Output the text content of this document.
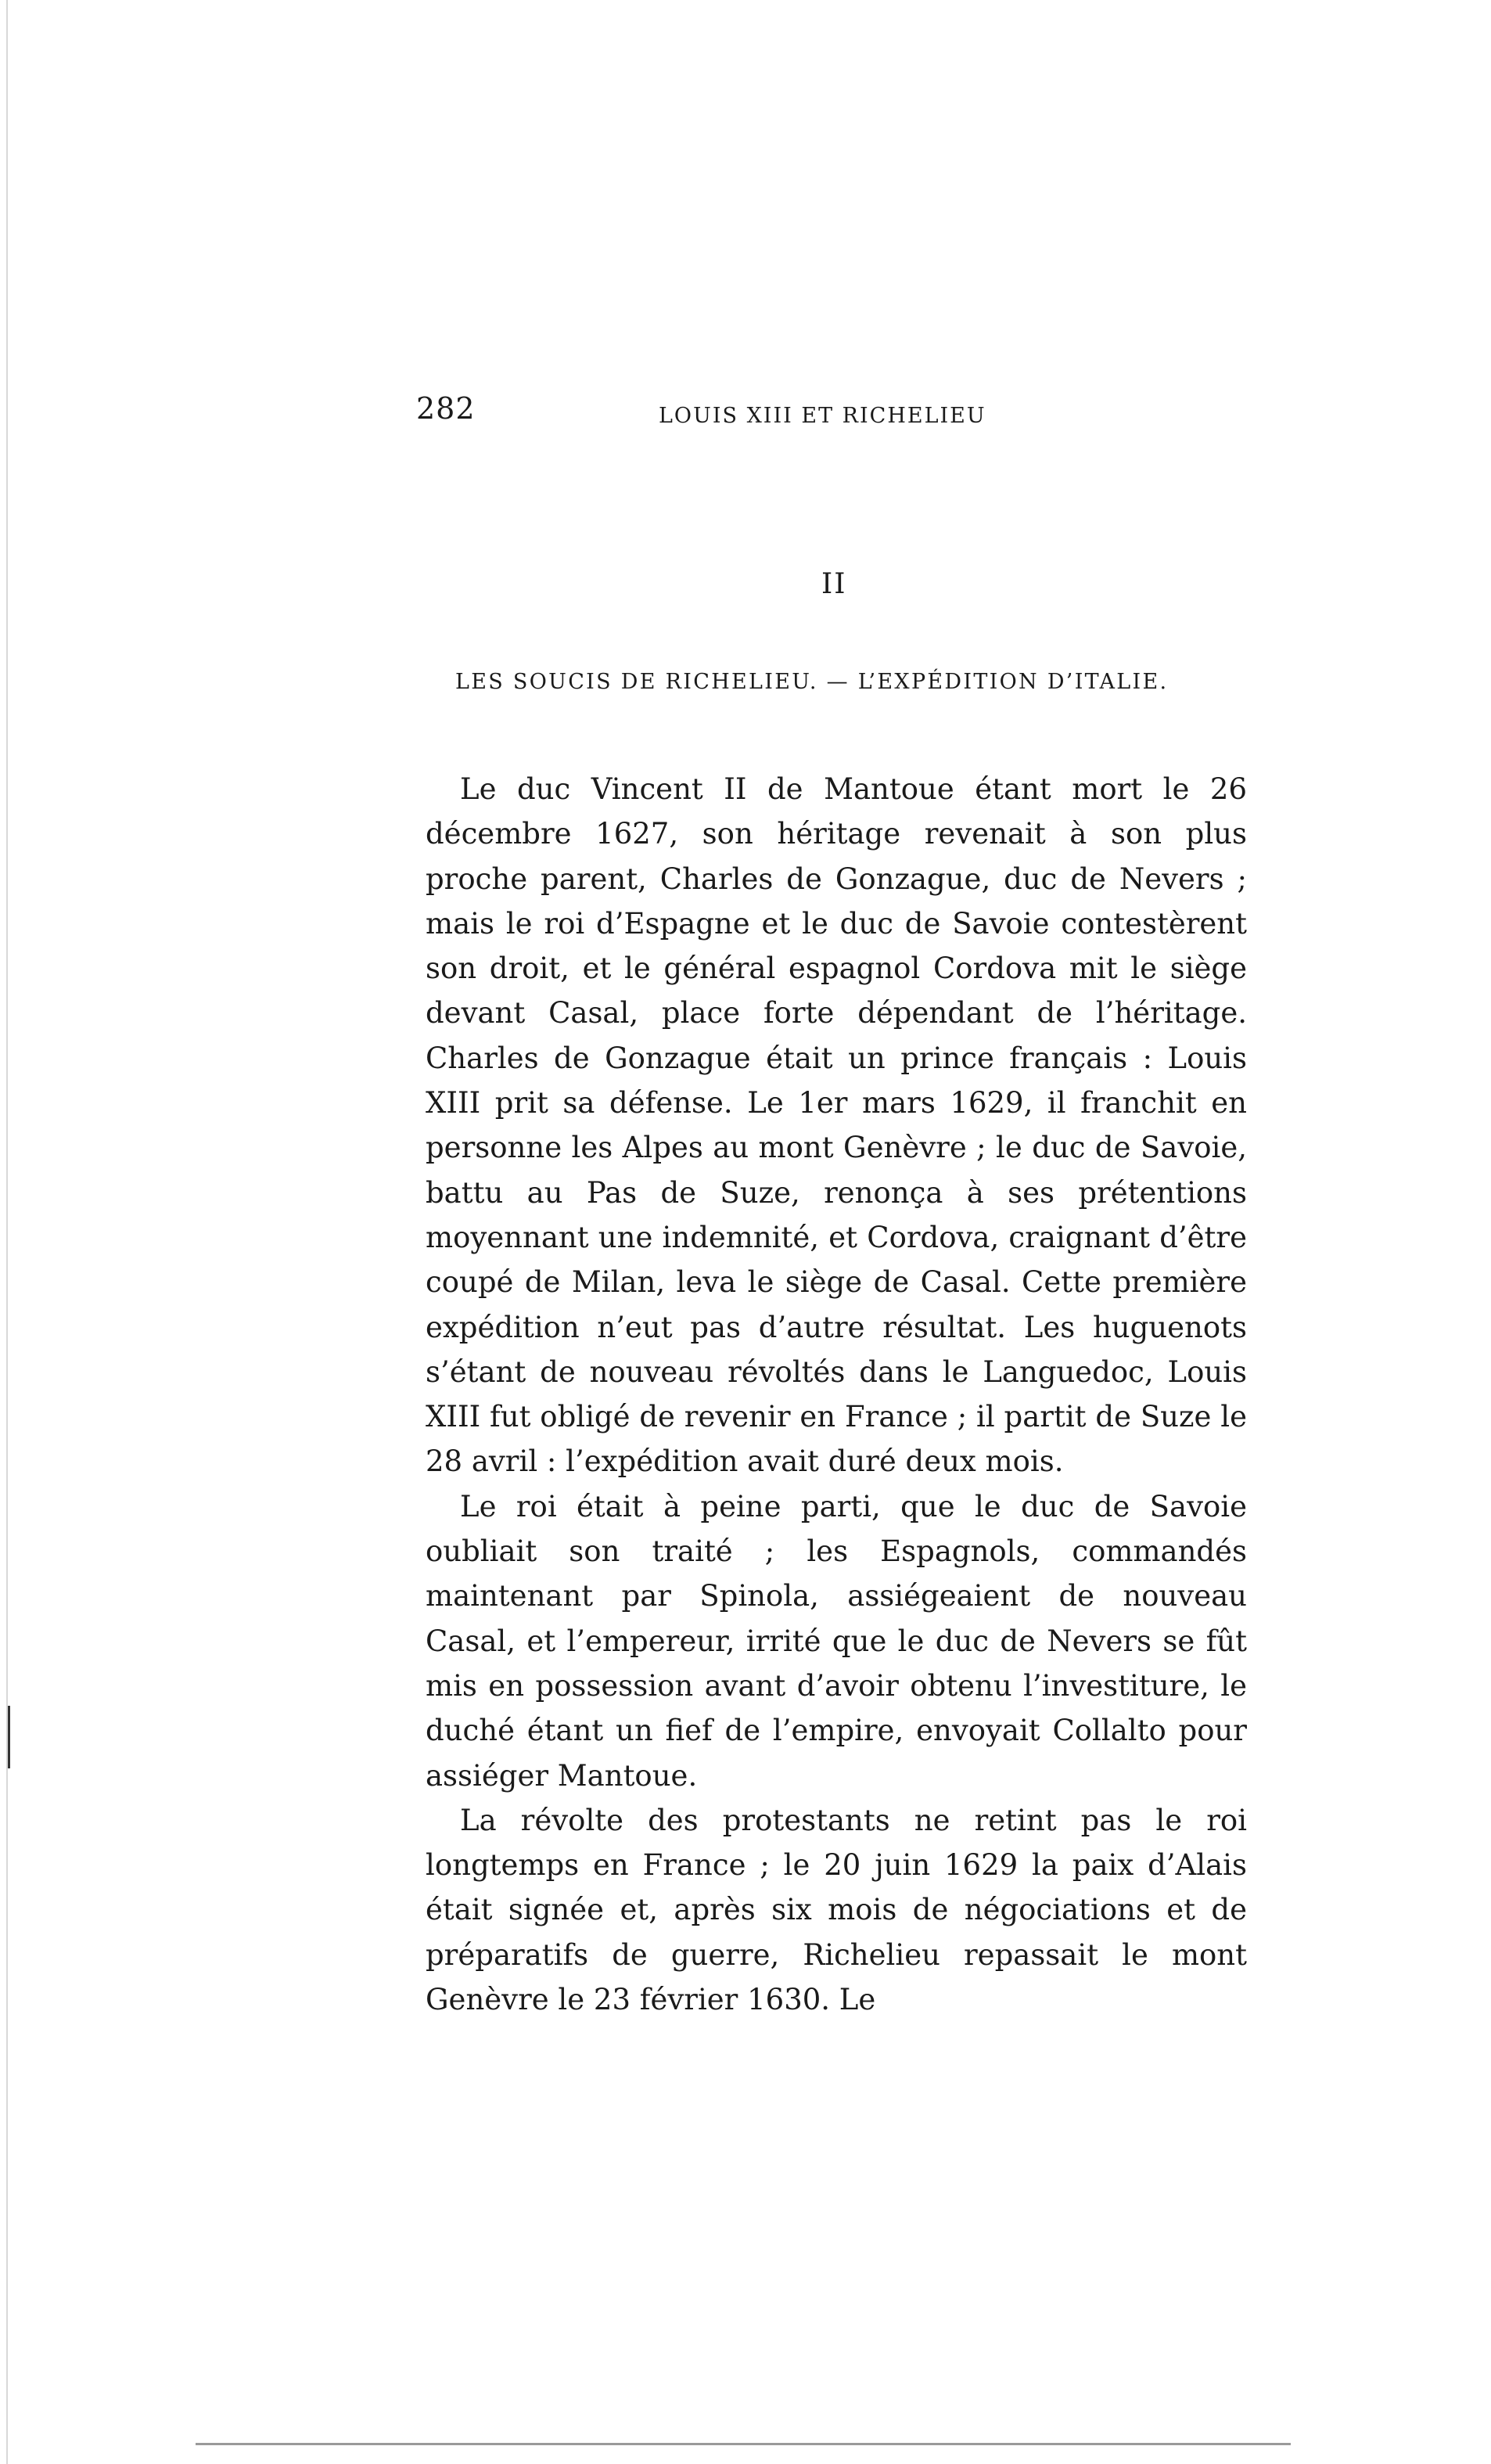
282	LOUIS XIII ET RICHELIEU
II
LES SOUCIS DE RICHELIEU. — L’EXPÉDITION D’ITALIE.

Le duc Vincent II de Mantoue étant mort le 26 décembre 1627, son héritage revenait à son plus proche parent, Charles de Gonzague, duc de Nevers ; mais le roi d’Espagne et le duc de Savoie contestèrent son droit, et le général espagnol Cordova mit le siège devant Casal, place forte dépendant de l’héritage. Charles de Gonzague était un prince français : Louis XIII prit sa défense. Le 1er mars 1629, il franchit en personne les Alpes au mont Genèvre ; le duc de Savoie, battu au Pas de Suze, renonça à ses prétentions moyennant une indemnité, et Cordova, craignant d’être coupé de Milan, leva le siège de Casal. Cette première expédition n’eut pas d’autre résultat. Les huguenots s’étant de nouveau révoltés dans le Languedoc, Louis XIII fut obligé de revenir en France ; il partit de Suze le 28 avril : l’expédition avait duré deux mois.

Le roi était à peine parti, que le duc de Savoie oubliait son traité ; les Espagnols, commandés maintenant par Spinola, assiégeaient de nouveau Casal, et l’empereur, irrité que le duc de Nevers se fût mis en possession avant d’avoir obtenu l’investiture, le duché étant un fief de l’empire, envoyait Collalto pour assiéger Mantoue.

La révolte des protestants ne retint pas le roi longtemps en France ; le 20 juin 1629 la paix d’Alais était signée et, après six mois de négociations et de préparatifs de guerre, Richelieu repassait le mont Genèvre le 23 février 1630. Le
